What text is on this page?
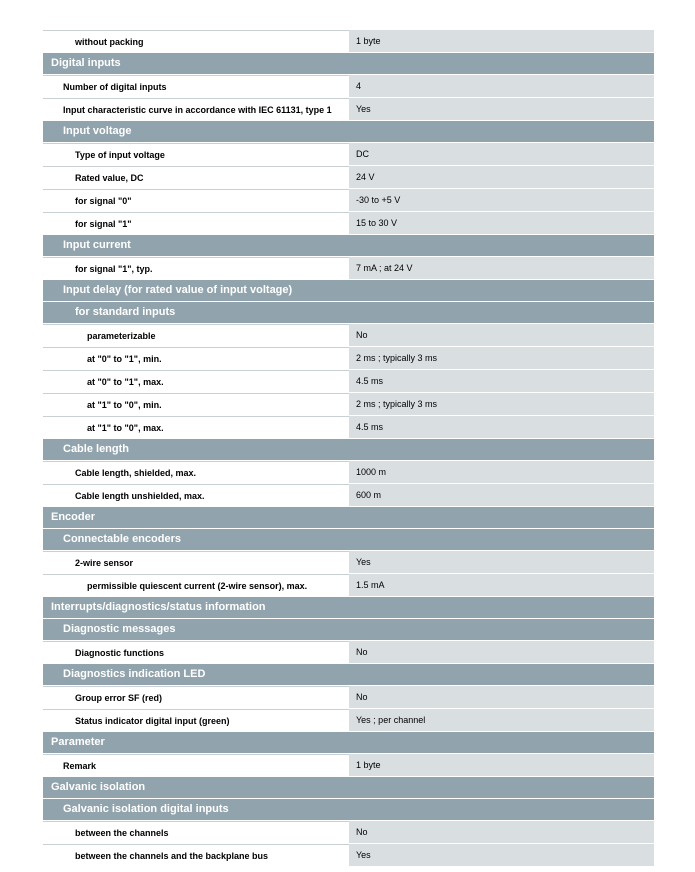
without packing	1 byte
Digital inputs
Number of digital inputs	4
Input characteristic curve in accordance with IEC 61131, type 1	Yes
Input voltage
Type of input voltage	DC
Rated value, DC	24 V
for signal "0"	-30 to +5 V
for signal "1"	15 to 30 V
Input current
for signal "1", typ.	7 mA ; at 24 V
Input delay (for rated value of input voltage)
for standard inputs
parameterizable	No
at "0" to "1", min.	2 ms ; typically 3 ms
at "0" to "1", max.	4.5 ms
at "1" to "0", min.	2 ms ; typically 3 ms
at "1" to "0", max.	4.5 ms
Cable length
Cable length, shielded, max.	1000 m
Cable length unshielded, max.	600 m
Encoder
Connectable encoders
2-wire sensor	Yes
permissible quiescent current (2-wire sensor), max.	1.5 mA
Interrupts/diagnostics/status information
Diagnostic messages
Diagnostic functions	No
Diagnostics indication LED
Group error SF (red)	No
Status indicator digital input (green)	Yes ; per channel
Parameter
Remark	1 byte
Galvanic isolation
Galvanic isolation digital inputs
between the channels	No
between the channels and the backplane bus	Yes
